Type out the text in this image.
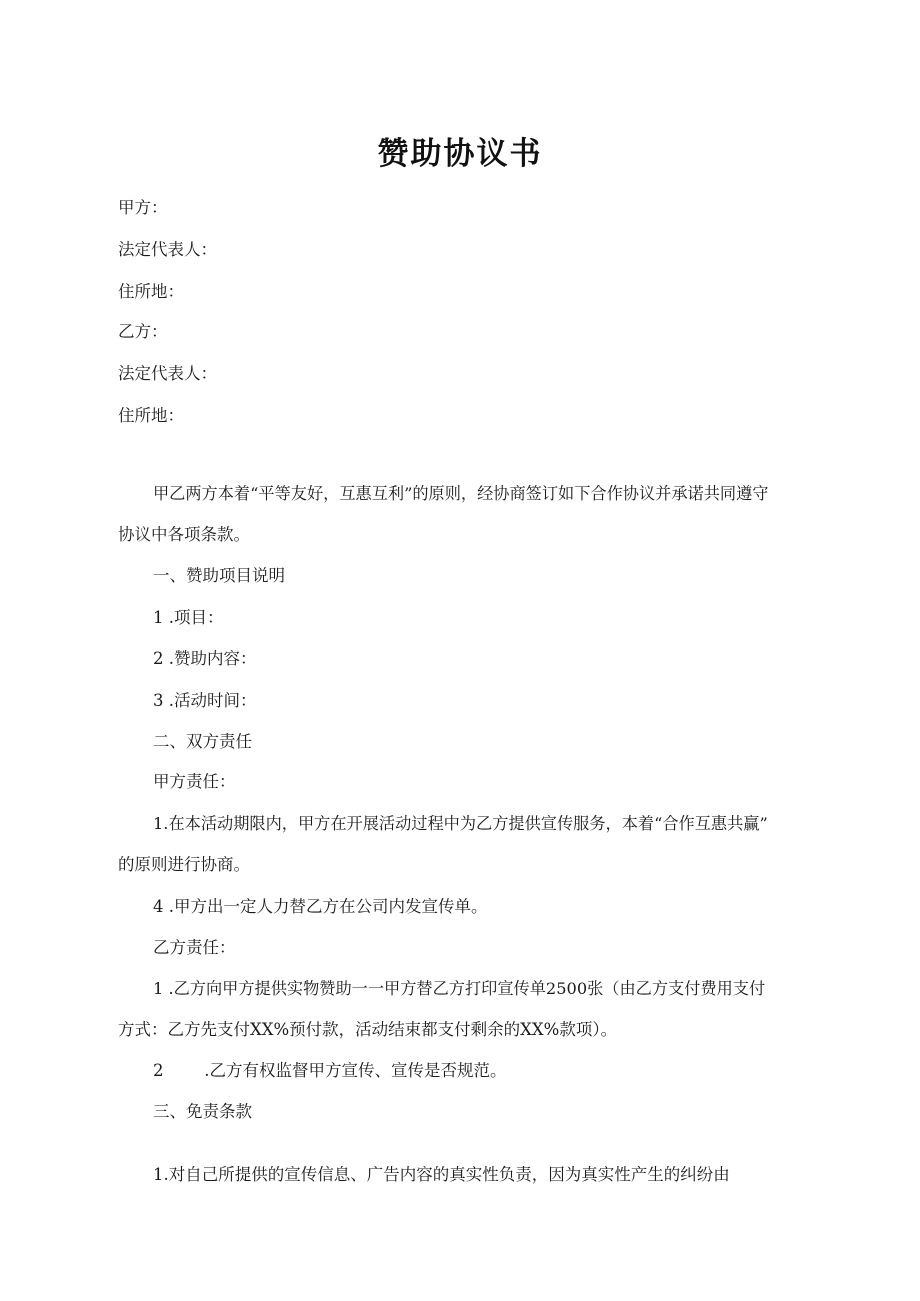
赞助协议书
甲方：
法定代表人：
住所地：
乙方：
法定代表人：
住所地：
甲乙两方本着“平等友好，互惠互利”的原则，经协商签订如下合作协议并承诺共同遵守
协议中各项条款。
一、赞助项目说明
1 .项目：
2 .赞助内容：
3 .活动时间：
二、双方责任
甲方责任：
1.在本活动期限内，甲方在开展活动过程中为乙方提供宣传服务，本着“合作互惠共赢”
的原则进行协商。
4 .甲方出一定人力替乙方在公司内发宣传单。
乙方责任：
1 .乙方向甲方提供实物赞助一一甲方替乙方打印宣传单2500张（由乙方支付费用支付
方式：乙方先支付XX%预付款，活动结束都支付剩余的XX%款项）。
2 .乙方有权监督甲方宣传、宣传是否规范。
三、免责条款
1.对自己所提供的宣传信息、广告内容的真实性负责，因为真实性产生的纠纷由
